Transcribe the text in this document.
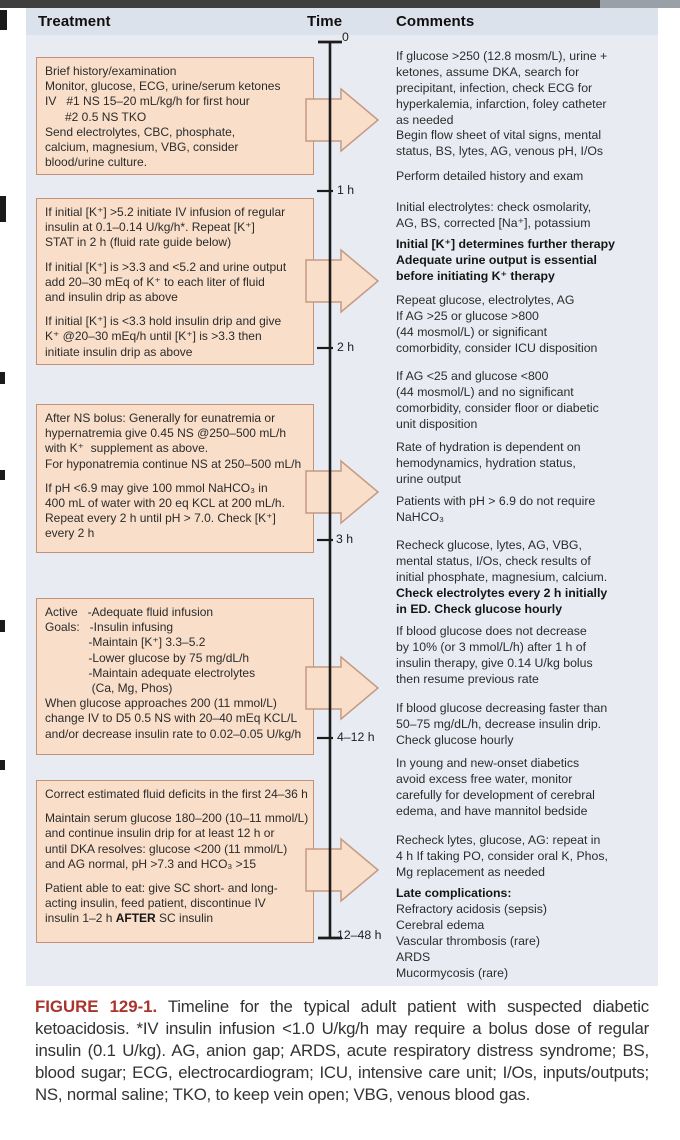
Treatment	Time	Comments
FIGURE 129-1. Timeline for the typical adult patient with suspected diabetic ketoacidosis. *IV insulin infusion <1.0 U/kg/h may require a bolus dose of regular insulin (0.1 U/kg). AG, anion gap; ARDS, acute respiratory distress syndrome; BS, blood sugar; ECG, electrocardiogram; ICU, intensive care unit; I/Os, inputs/outputs; NS, normal saline; TKO, to keep vein open; VBG, venous blood gas.
Brief history/examination
Monitor, glucose, ECG, urine/serum ketones
IV   #1 NS 15–20 mL/kg/h for first hour
#2 0.5 NS TKO
Send electrolytes, CBC, phosphate,
calcium, magnesium, VBG, consider
blood/urine culture.
If initial [K⁺] >5.2 initiate IV infusion of regular
insulin at 0.1–0.14 U/kg/h*. Repeat [K⁺]
STAT in 2 h (fluid rate guide below)
If initial [K⁺] is >3.3 and <5.2 and urine output
add 20–30 mEq of K⁺ to each liter of fluid
and insulin drip as above
If initial [K⁺] is <3.3 hold insulin drip and give
K⁺ @20–30 mEq/h until [K⁺] is >3.3 then
initiate insulin drip as above
After NS bolus: Generally for eunatremia or
hypernatremia give 0.45 NS @250–500 mL/h
with K⁺  supplement as above.
For hyponatremia continue NS at 250–500 mL/h
If pH <6.9 may give 100 mmol NaHCO₃ in
400 mL of water with 20 eq KCL at 200 mL/h.
Repeat every 2 h until pH > 7.0. Check [K⁺]
every 2 h
Active   -Adequate fluid infusion
Goals:   -Insulin infusing
-Maintain [K⁺] 3.3–5.2
-Lower glucose by 75 mg/dL/h
-Maintain adequate electrolytes
(Ca, Mg, Phos)
When glucose approaches 200 (11 mmol/L)
change IV to D5 0.5 NS with 20–40 mEq KCL/L
and/or decrease insulin rate to 0.02–0.05 U/kg/h
Correct estimated fluid deficits in the first 24–36 h
Maintain serum glucose 180–200 (10–11 mmol/L)
and continue insulin drip for at least 12 h or
until DKA resolves: glucose <200 (11 mmol/L)
and AG normal, pH >7.3 and HCO₃ >15
Patient able to eat: give SC short- and long-
acting insulin, feed patient, discontinue IV
insulin 1–2 h AFTER SC insulin
0
1 h
2 h
3 h
4–12 h
12–48 h
If glucose >250 (12.8 mosm/L), urine +
ketones, assume DKA, search for
precipitant, infection, check ECG for
hyperkalemia, infarction, foley catheter
as needed
Begin flow sheet of vital signs, mental
status, BS, lytes, AG, venous pH, I/Os
Perform detailed history and exam
Initial electrolytes: check osmolarity,
AG, BS, corrected [Na⁺], potassium
Initial [K⁺] determines further therapy
Adequate urine output is essential
before initiating K⁺ therapy
Repeat glucose, electrolytes, AG
If AG >25 or glucose >800
(44 mosmol/L) or significant
comorbidity, consider ICU disposition
If AG <25 and glucose <800
(44 mosmol/L) and no significant
comorbidity, consider floor or diabetic
unit disposition
Rate of hydration is dependent on
hemodynamics, hydration status,
urine output
Patients with pH > 6.9 do not require
NaHCO₃
Recheck glucose, lytes, AG, VBG,
mental status, I/Os, check results of
initial phosphate, magnesium, calcium.
Check electrolytes every 2 h initially
in ED. Check glucose hourly
If blood glucose does not decrease
by 10% (or 3 mmol/L/h) after 1 h of
insulin therapy, give 0.14 U/kg bolus
then resume previous rate
If blood glucose decreasing faster than
50–75 mg/dL/h, decrease insulin drip.
Check glucose hourly
In young and new-onset diabetics
avoid excess free water, monitor
carefully for development of cerebral
edema, and have mannitol bedside
Recheck lytes, glucose, AG: repeat in
4 h If taking PO, consider oral K, Phos,
Mg replacement as needed
Late complications:
Refractory acidosis (sepsis)
Cerebral edema
Vascular thrombosis (rare)
ARDS
Mucormycosis (rare)
